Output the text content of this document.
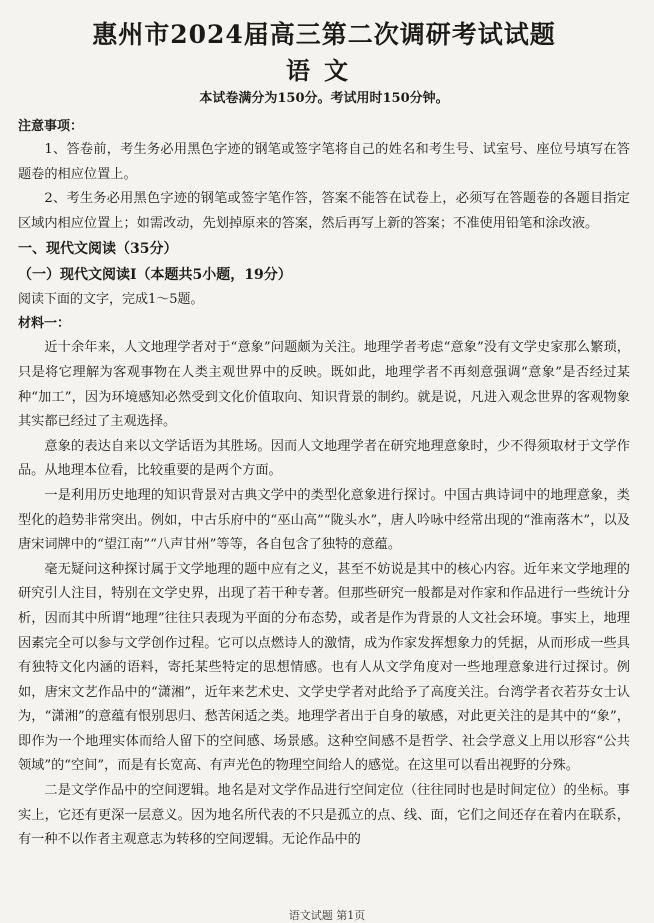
惠州市2024届高三第二次调研考试试题
语文
本试卷满分为150分。考试用时150分钟。
注意事项：

1、答卷前，考生务必用黑色字迹的钢笔或签字笔将自己的姓名和考生号、试室号、座位号填写在答题卷的相应位置上。

2、考生务必用黑色字迹的钢笔或签字笔作答，答案不能答在试卷上，必须写在答题卷的各题目指定区域内相应位置上；如需改动，先划掉原来的答案，然后再写上新的答案；不准使用铅笔和涂改液。

一、现代文阅读（35分）
（一）现代文阅读Ⅰ（本题共5小题，19分）
阅读下面的文字，完成1～5题。
材料一：

近十余年来，人文地理学者对于“意象”问题颇为关注。地理学者考虑“意象”没有文学史家那么繁琐，只是将它理解为客观事物在人类主观世界中的反映。既如此，地理学者不再刻意强调“意象”是否经过某种“加工”，因为环境感知必然受到文化价值取向、知识背景的制约。就是说，凡进入观念世界的客观物象其实都已经过了主观选择。

意象的表达自来以文学话语为其胜场。因而人文地理学者在研究地理意象时，少不得须取材于文学作品。从地理本位看，比较重要的是两个方面。

一是利用历史地理的知识背景对古典文学中的类型化意象进行探讨。中国古典诗词中的地理意象，类型化的趋势非常突出。例如，中古乐府中的“巫山高”“陇头水”，唐人吟咏中经常出现的“淮南落木”，以及唐宋词牌中的“望江南”“八声甘州”等等，各自包含了独特的意蕴。

毫无疑问这种探讨属于文学地理的题中应有之义，甚至不妨说是其中的核心内容。近年来文学地理的研究引人注目，特别在文学史界，出现了若干种专著。但那些研究一般都是对作家和作品进行一些统计分析，因而其中所谓“地理”往往只表现为平面的分布态势，或者是作为背景的人文社会环境。事实上，地理因素完全可以参与文学创作过程。它可以点燃诗人的激情，成为作家发挥想象力的凭据，从而形成一些具有独特文化内涵的语料，寄托某些特定的思想情感。也有人从文学角度对一些地理意象进行过探讨。例如，唐宋文艺作品中的“潇湘”，近年来艺术史、文学史学者对此给予了高度关注。台湾学者衣若芬女士认为，“潇湘”的意蕴有恨别思归、愁苦闲适之类。地理学者出于自身的敏感，对此更关注的是其中的“象”，即作为一个地理实体而给人留下的空间感、场景感。这种空间感不是哲学、社会学意义上用以形容“公共领域”的“空间”，而是有长宽高、有声光色的物理空间给人的感觉。在这里可以看出视野的分殊。

二是文学作品中的空间逻辑。地名是对文学作品进行空间定位（往往同时也是时间定位）的坐标。事实上，它还有更深一层意义。因为地名所代表的不只是孤立的点、线、面，它们之间还存在着内在联系，有一种不以作者主观意志为转移的空间逻辑。无论作品中的

语文试题 第1页
